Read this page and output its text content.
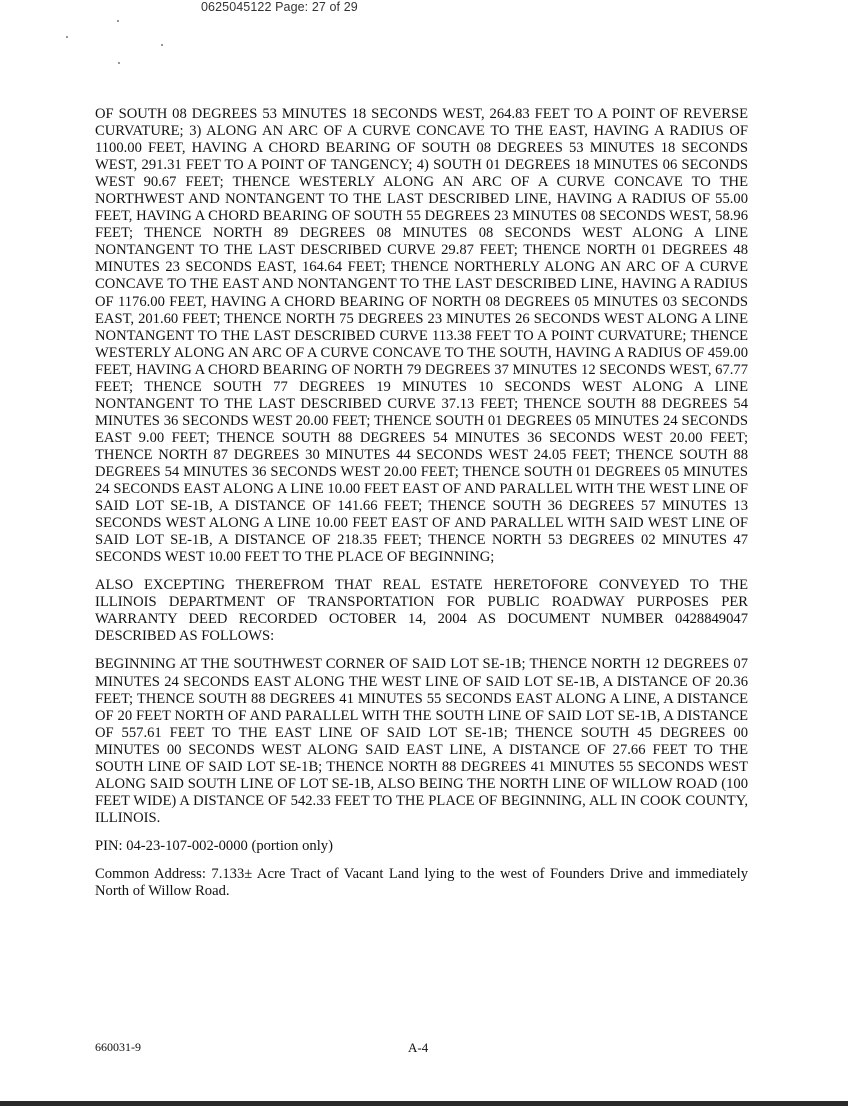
0625045122 Page: 27 of 29

OF SOUTH 08 DEGREES 53 MINUTES 18 SECONDS WEST, 264.83 FEET TO A POINT OF REVERSE CURVATURE; 3) ALONG AN ARC OF A CURVE CONCAVE TO THE EAST, HAVING A RADIUS OF 1100.00 FEET, HAVING A CHORD BEARING OF SOUTH 08 DEGREES 53 MINUTES 18 SECONDS WEST, 291.31 FEET TO A POINT OF TANGENCY; 4) SOUTH 01 DEGREES 18 MINUTES 06 SECONDS WEST 90.67 FEET; THENCE WESTERLY ALONG AN ARC OF A CURVE CONCAVE TO THE NORTHWEST AND NONTANGENT TO THE LAST DESCRIBED LINE, HAVING A RADIUS OF 55.00 FEET, HAVING A CHORD BEARING OF SOUTH 55 DEGREES 23 MINUTES 08 SECONDS WEST, 58.96 FEET; THENCE NORTH 89 DEGREES 08 MINUTES 08 SECONDS WEST ALONG A LINE NONTANGENT TO THE LAST DESCRIBED CURVE 29.87 FEET; THENCE NORTH 01 DEGREES 48 MINUTES 23 SECONDS EAST, 164.64 FEET; THENCE NORTHERLY ALONG AN ARC OF A CURVE CONCAVE TO THE EAST AND NONTANGENT TO THE LAST DESCRIBED LINE, HAVING A RADIUS OF 1176.00 FEET, HAVING A CHORD BEARING OF NORTH 08 DEGREES 05 MINUTES 03 SECONDS EAST, 201.60 FEET; THENCE NORTH 75 DEGREES 23 MINUTES 26 SECONDS WEST ALONG A LINE NONTANGENT TO THE LAST DESCRIBED CURVE 113.38 FEET TO A POINT CURVATURE; THENCE WESTERLY ALONG AN ARC OF A CURVE CONCAVE TO THE SOUTH, HAVING A RADIUS OF 459.00 FEET, HAVING A CHORD BEARING OF NORTH 79 DEGREES 37 MINUTES 12 SECONDS WEST, 67.77 FEET; THENCE SOUTH 77 DEGREES 19 MINUTES 10 SECONDS WEST ALONG A LINE NONTANGENT TO THE LAST DESCRIBED CURVE 37.13 FEET; THENCE SOUTH 88 DEGREES 54 MINUTES 36 SECONDS WEST 20.00 FEET; THENCE SOUTH 01 DEGREES 05 MINUTES 24 SECONDS EAST 9.00 FEET; THENCE SOUTH 88 DEGREES 54 MINUTES 36 SECONDS WEST 20.00 FEET; THENCE NORTH 87 DEGREES 30 MINUTES 44 SECONDS WEST 24.05 FEET; THENCE SOUTH 88 DEGREES 54 MINUTES 36 SECONDS WEST 20.00 FEET; THENCE SOUTH 01 DEGREES 05 MINUTES 24 SECONDS EAST ALONG A LINE 10.00 FEET EAST OF AND PARALLEL WITH THE WEST LINE OF SAID LOT SE-1B, A DISTANCE OF 141.66 FEET; THENCE SOUTH 36 DEGREES 57 MINUTES 13 SECONDS WEST ALONG A LINE 10.00 FEET EAST OF AND PARALLEL WITH SAID WEST LINE OF SAID LOT SE-1B, A DISTANCE OF 218.35 FEET; THENCE NORTH 53 DEGREES 02 MINUTES 47 SECONDS WEST 10.00 FEET TO THE PLACE OF BEGINNING;

ALSO EXCEPTING THEREFROM THAT REAL ESTATE HERETOFORE CONVEYED TO THE ILLINOIS DEPARTMENT OF TRANSPORTATION FOR PUBLIC ROADWAY PURPOSES PER WARRANTY DEED RECORDED OCTOBER 14, 2004 AS DOCUMENT NUMBER 0428849047 DESCRIBED AS FOLLOWS:

BEGINNING AT THE SOUTHWEST CORNER OF SAID LOT SE-1B; THENCE NORTH 12 DEGREES 07 MINUTES 24 SECONDS EAST ALONG THE WEST LINE OF SAID LOT SE-1B, A DISTANCE OF 20.36 FEET; THENCE SOUTH 88 DEGREES 41 MINUTES 55 SECONDS EAST ALONG A LINE, A DISTANCE OF 20 FEET NORTH OF AND PARALLEL WITH THE SOUTH LINE OF SAID LOT SE-1B, A DISTANCE OF 557.61 FEET TO THE EAST LINE OF SAID LOT SE-1B; THENCE SOUTH 45 DEGREES 00 MINUTES 00 SECONDS WEST ALONG SAID EAST LINE, A DISTANCE OF 27.66 FEET TO THE SOUTH LINE OF SAID LOT SE-1B; THENCE NORTH 88 DEGREES 41 MINUTES 55 SECONDS WEST ALONG SAID SOUTH LINE OF LOT SE-1B, ALSO BEING THE NORTH LINE OF WILLOW ROAD (100 FEET WIDE) A DISTANCE OF 542.33 FEET TO THE PLACE OF BEGINNING, ALL IN COOK COUNTY, ILLINOIS.

PIN: 04-23-107-002-0000 (portion only)

Common Address: 7.133± Acre Tract of Vacant Land lying to the west of Founders Drive and immediately North of Willow Road.

660031-9	A-4
